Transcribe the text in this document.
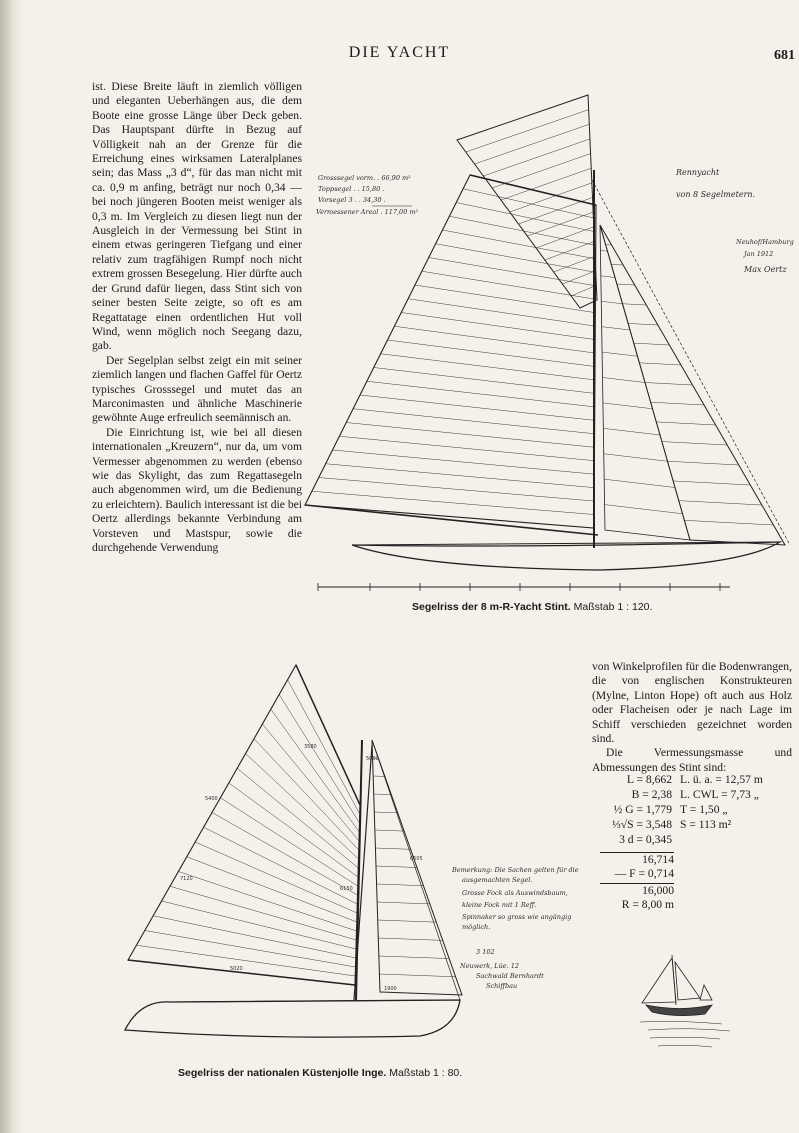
DIE YACHT	681

ist. Diese Breite läuft in ziemlich völligen und eleganten Ueberhängen aus, die dem Boote eine grosse Länge über Deck geben. Das Hauptspant dürfte in Bezug auf Völligkeit nah an der Grenze für die Erreichung eines wirksamen Lateralplanes sein; das Mass „3 d“, für das man nicht mit ca. 0,9 m anfing, beträgt nur noch 0,34 — bei noch jüngeren Booten meist weniger als 0,3 m. Im Vergleich zu diesen liegt nun der Ausgleich in der Vermessung bei Stint in einem etwas geringeren Tiefgang und einer relativ zum tragfähigen Rumpf noch nicht extrem grossen Besegelung. Hier dürfte auch der Grund dafür liegen, dass Stint sich von seiner besten Seite zeigte, so oft es am Regattatage einen ordentlichen Hut voll Wind, wenn möglich noch Seegang dazu, gab.

Der Segelplan selbst zeigt ein mit seiner ziemlich langen und flachen Gaffel für Oertz typisches Grosssegel und mutet das an Marconimasten und ähnliche Maschinerie gewöhnte Auge erfreulich seemännisch an.

Die Einrichtung ist, wie bei all diesen internationalen „Kreuzern“, nur da, um vom Vermesser abgenommen zu werden (ebenso wie das Skylight, das zum Regattasegeln auch abgenommen wird, um die Bedienung zu erleichtern). Baulich interessant ist die bei Oertz allerdings bekannte Verbindung am Vorsteven und Mastspur, sowie die durchgehende Verwendung

Grosssegel vorm. . 66,90 m²
Toppsegel . . 15,80 .
Vorsegel 3 . . 34,30 .
Vermessener Areal . 117,00 m²
Rennyacht
von 8 Segelmetern.
Neuhof/Hamburg
Jan 1912
Max Oertz
3580
5400
7120
5020
6150
6505
5000
1900
Bemerkung: Die Sachen gelten für die
ausgemachten Segel.
Grosse Fock als Auswindsbaum,
kleine Fock mit 1 Reff.
Spinnaker so gross wie angängig
möglich.
3 102
Neuwerk, Lüe. 12
Sachwald Bernhardt
Schiffbau
Segelriss der 8 m-R-Yacht Stint. Maßstab 1 : 120.
Segelriss der nationalen Küstenjolle Inge. Maßstab 1 : 80.

von Winkelprofilen für die Bodenwrangen, die von englischen Konstrukteuren (Mylne, Linton Hope) oft auch aus Holz oder Flacheisen oder je nach Lage im Schiff verschieden gezeichnet worden sind.

Die Vermessungsmasse und Abmessungen des Stint sind:

L = 8,662 L. ü. a. = 12,57 m
B = 2,38 L. CWL = 7,73 „
½ G = 1,779 T = 1,50 „
⅓√S = 3,548 S = 113 m²
3 d = 0,345
16,714
— F = 0,714
16,000
R = 8,00 m
